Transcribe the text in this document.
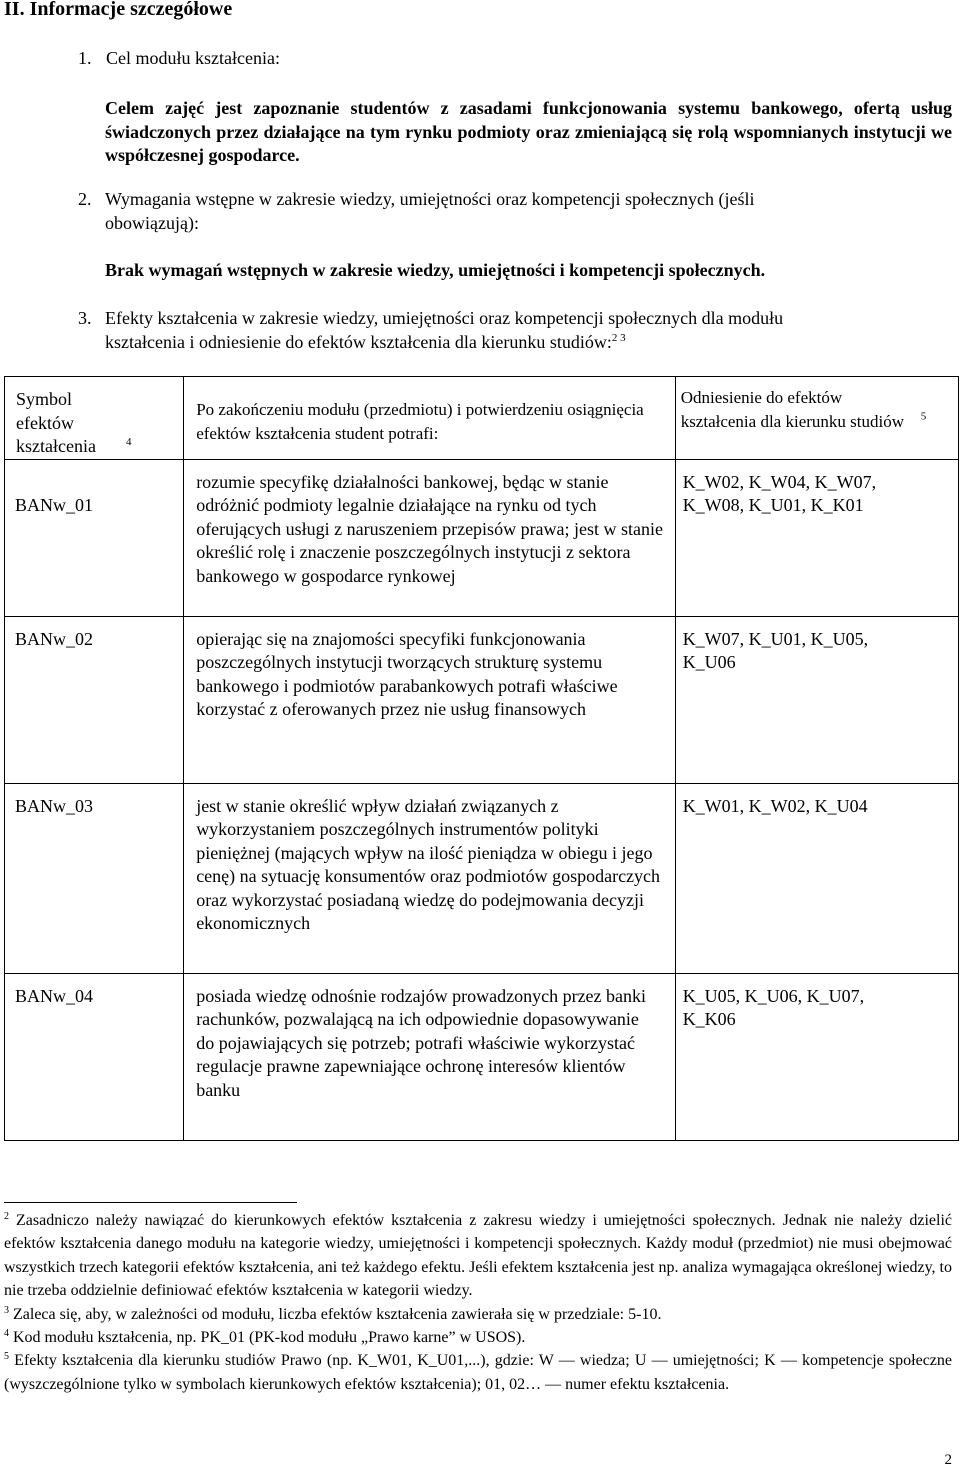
II. Informacje szczegółowe
1. Cel modułu kształcenia:
Celem zajęć jest zapoznanie studentów z zasadami funkcjonowania systemu bankowego, ofertą usług świadczonych przez działające na tym rynku podmioty oraz zmieniającą się rolą wspomnianych instytucji we współczesnej gospodarce.
2. Wymagania wstępne w zakresie wiedzy, umiejętności oraz kompetencji społecznych (jeśli
obowiązują):
Brak wymagań wstępnych w zakresie wiedzy, umiejętności i kompetencji społecznych.
3. Efekty kształcenia w zakresie wiedzy, umiejętności oraz kompetencji społecznych dla modułu
kształcenia i odniesienie do efektów kształcenia dla kierunku studiów:$^{2 3}$
Symbol efektów kształcenia $^4$	Po zakończeniu modułu (przedmiotu) i potwierdzeniu osiągnięcia efektów kształcenia student potrafi:	Odniesienie do efektów kształcenia dla kierunku studiów $^5$
BANw_01	rozumie specyfikę działalności bankowej, będąc w stanie odróżnić podmioty legalnie działające na rynku od tych oferujących usługi z naruszeniem przepisów prawa; jest w stanie określić rolę i znaczenie poszczególnych instytucji z sektora bankowego w gospodarce rynkowej	K_W02, K_W04, K_W07, K_W08, K_U01, K_K01

BANw_02	opierając się na znajomości specyfiki funkcjonowania poszczególnych instytucji tworzących strukturę systemu bankowego i podmiotów parabankowych potrafi właściwe korzystać z oferowanych przez nie usług finansowych	K_W07, K_U01, K_U05, K_U06

BANw_03	jest w stanie określić wpływ działań związanych z wykorzystaniem poszczególnych instrumentów polityki pieniężnej (mających wpływ na ilość pieniądza w obiegu i jego cenę) na sytuację konsumentów oraz podmiotów gospodarczych oraz wykorzystać posiadaną wiedzę do podejmowania decyzji ekonomicznych	K_W01, K_W02, K_U04

BANw_04	posiada wiedzę odnośnie rodzajów prowadzonych przez banki rachunków, pozwalającą na ich odpowiednie dopasowywanie do pojawiających się potrzeb; potrafi właściwie wykorzystać regulacje prawne zapewniające ochronę interesów klientów banku	K_U05, K_U06, K_U07, K_K06

$^2$ Zasadniczo należy nawiązać do kierunkowych efektów kształcenia z zakresu wiedzy i umiejętności społecznych. Jednak nie należy dzielić efektów kształcenia danego modułu na kategorie wiedzy, umiejętności i kompetencji społecznych. Każdy moduł (przedmiot) nie musi obejmować wszystkich trzech kategorii efektów kształcenia, ani też każdego efektu. Jeśli efektem kształcenia jest np. analiza wymagająca określonej wiedzy, to nie trzeba oddzielnie definiować efektów kształcenia w kategorii wiedzy.

$^3$ Zaleca się, aby, w zależności od modułu, liczba efektów kształcenia zawierała się w przedziale: 5-10.

$^4$ Kod modułu kształcenia, np. PK_01 (PK-kod modułu „Prawo karne” w USOS).

$^5$ Efekty kształcenia dla kierunku studiów Prawo (np. K_W01, K_U01,...), gdzie: W — wiedza; U — umiejętności; K — kompetencje społeczne (wyszczególnione tylko w symbolach kierunkowych efektów kształcenia); 01, 02… — numer efektu kształcenia.

2
